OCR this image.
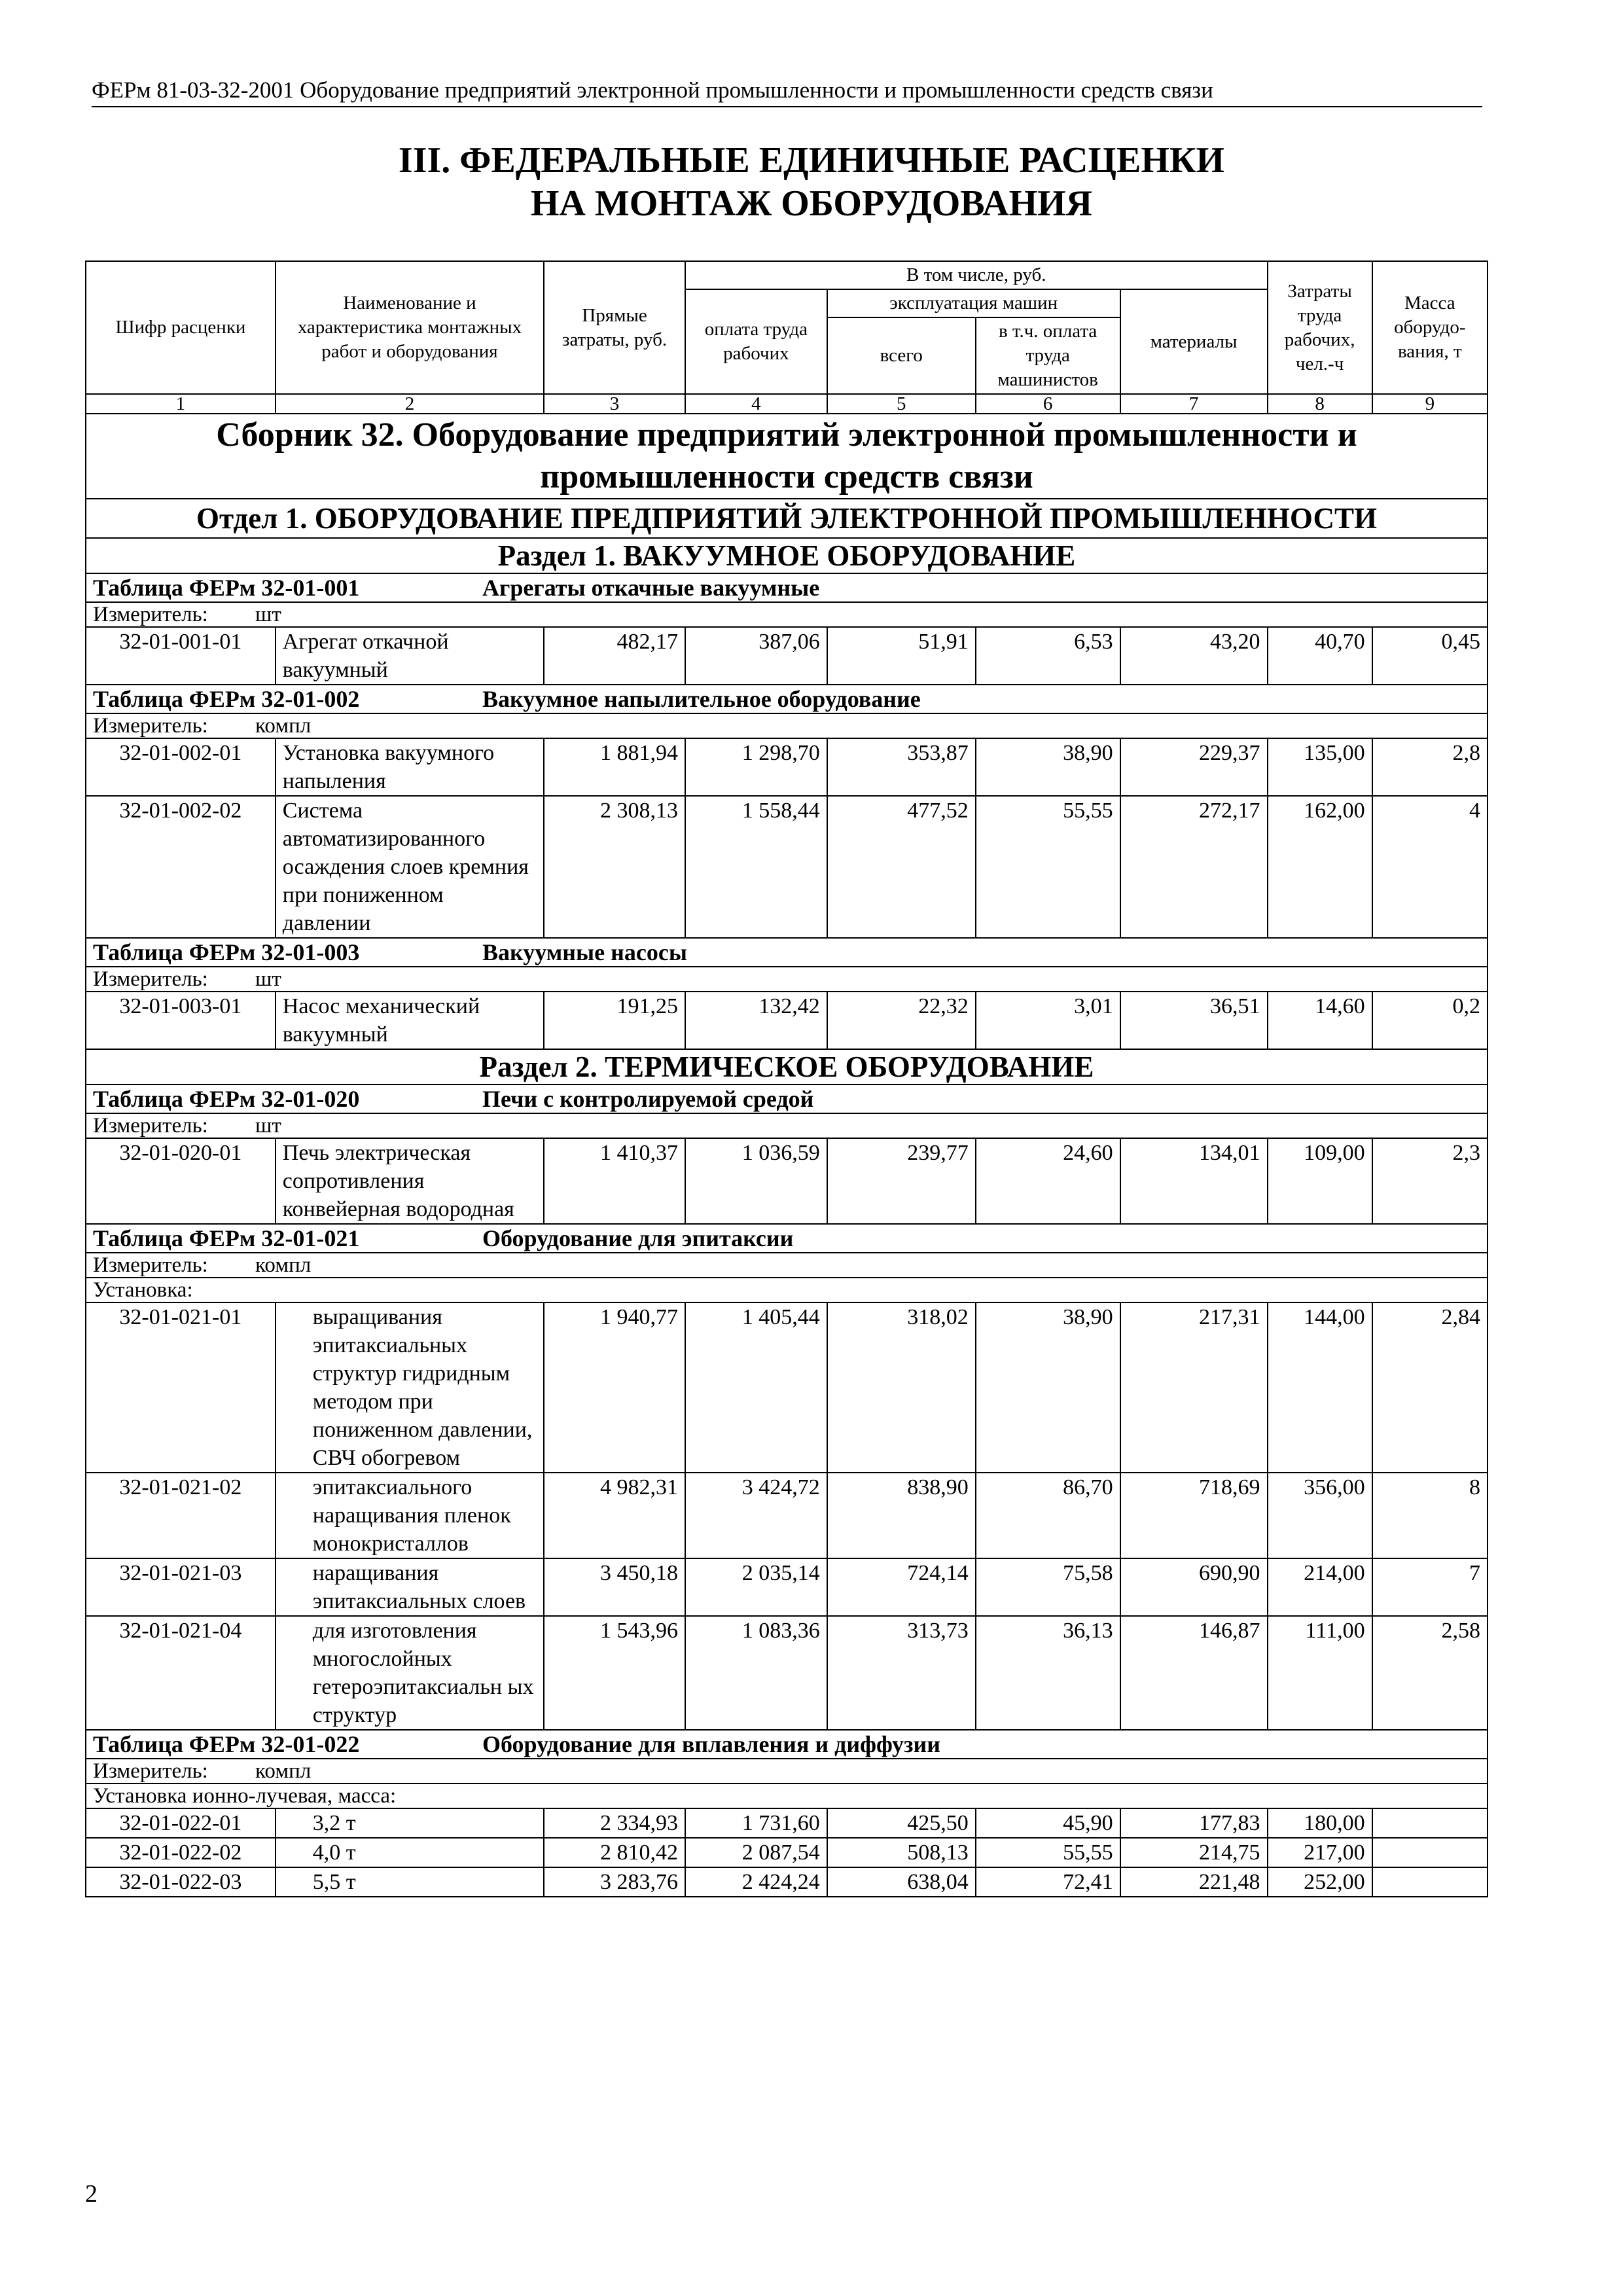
ФЕРм 81-03-32-2001 Оборудование предприятий электронной промышленности и промышленности средств связи
III. ФЕДЕРАЛЬНЫЕ ЕДИНИЧНЫЕ РАСЦЕНКИ
НА МОНТАЖ ОБОРУДОВАНИЯ
Шифр расценки	Наименование и характеристика монтажных работ и оборудования	Прямые затраты, руб.	В том числе, руб.				Затраты труда рабочих, чел.-ч	Масса оборудо-вания, т
			оплата труда рабочих	эксплуатация машин		материалы		
				всего	в т.ч. оплата труда машинистов			
1	2	3	4	5	6	7	8	9
Сборник 32. Оборудование предприятий электронной промышленности и промышленности средств связи								
Отдел 1. ОБОРУДОВАНИЕ ПРЕДПРИЯТИЙ ЭЛЕКТРОННОЙ ПРОМЫШЛЕННОСТИ								
Раздел 1. ВАКУУМНОЕ ОБОРУДОВАНИЕ								
Таблица ФЕРм 32-01-001 Агрегаты откачные вакуумные								
Измеритель: шт								
32-01-001-01	Агрегат откачной вакуумный	482,17	387,06	51,91	6,53	43,20	40,70	0,45
Таблица ФЕРм 32-01-002 Вакуумное напылительное оборудование								
Измеритель: компл								
32-01-002-01	Установка вакуумного напыления	1 881,94	1 298,70	353,87	38,90	229,37	135,00	2,8
32-01-002-02	Система автоматизированного осаждения слоев кремния при пониженном давлении	2 308,13	1 558,44	477,52	55,55	272,17	162,00	4
Таблица ФЕРм 32-01-003 Вакуумные насосы								
Измеритель: шт								
32-01-003-01	Насос механический вакуумный	191,25	132,42	22,32	3,01	36,51	14,60	0,2
Раздел 2. ТЕРМИЧЕСКОЕ ОБОРУДОВАНИЕ								
Таблица ФЕРм 32-01-020 Печи с контролируемой средой								
Измеритель: шт								
32-01-020-01	Печь электрическая сопротивления конвейерная водородная	1 410,37	1 036,59	239,77	24,60	134,01	109,00	2,3
Таблица ФЕРм 32-01-021 Оборудование для эпитаксии								
Измеритель: компл								
Установка:								
32-01-021-01	выращивания эпитаксиальных структур гидридным методом при пониженном давлении, СВЧ обогревом	1 940,77	1 405,44	318,02	38,90	217,31	144,00	2,84
32-01-021-02	эпитаксиального наращивания пленок монокристаллов	4 982,31	3 424,72	838,90	86,70	718,69	356,00	8
32-01-021-03	наращивания эпитаксиальных слоев	3 450,18	2 035,14	724,14	75,58	690,90	214,00	7
32-01-021-04	для изготовления многослойных гетероэпитаксиальн ых структур	1 543,96	1 083,36	313,73	36,13	146,87	111,00	2,58
Таблица ФЕРм 32-01-022 Оборудование для вплавления и диффузии								
Измеритель: компл								
Установка ионно-лучевая, масса:								
32-01-022-01	3,2 т	2 334,93	1 731,60	425,50	45,90	177,83	180,00	
32-01-022-02	4,0 т	2 810,42	2 087,54	508,13	55,55	214,75	217,00	
32-01-022-03	5,5 т	3 283,76	2 424,24	638,04	72,41	221,48	252,00	
2
